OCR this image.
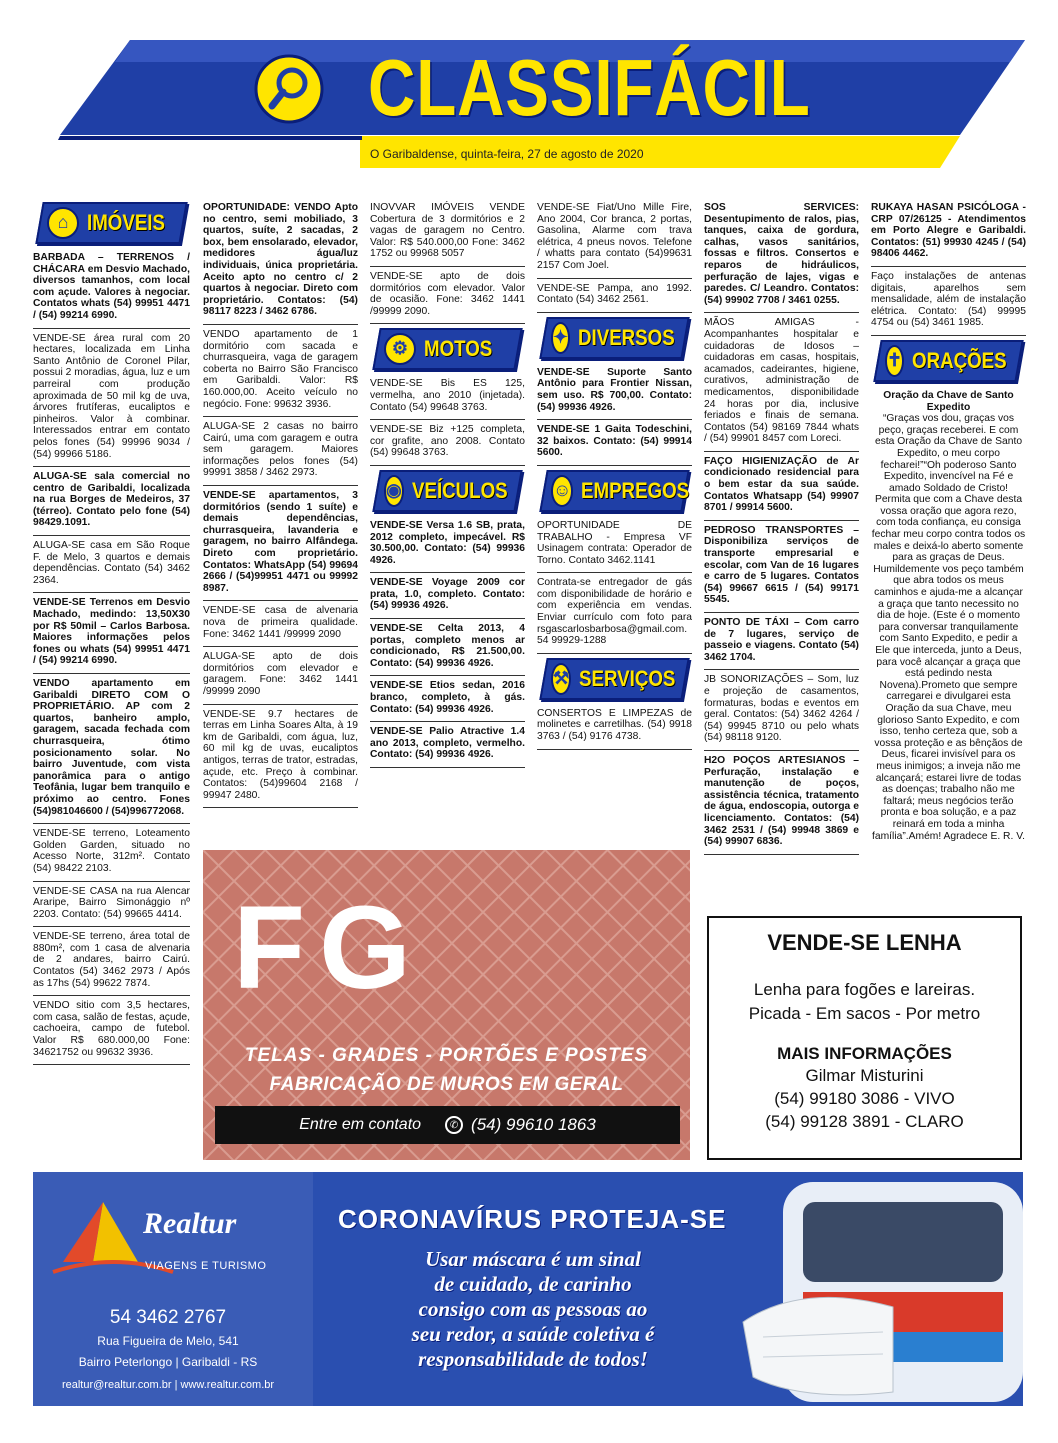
CLASSIFÁCIL
O Garibaldense, quinta-feira, 27 de agosto de 2020
⌂ IMÓVEIS
BARBADA – TERRENOS / CHÁCARA em Desvio Machado, diversos tamanhos, com local com açude. Valores à negociar. Contatos whats (54) 99951 4471 / (54) 99214 6990.
VENDE-SE área rural com 20 hectares, localizada em Linha Santo Antônio de Coronel Pilar, possui 2 moradias, água, luz e um parreiral com produção aproximada de 50 mil kg de uva, árvores frutíferas, eucaliptos e pinheiros. Valor à combinar. Interessados entrar em contato pelos fones (54) 99996 9034 / (54) 99966 5186.
ALUGA-SE sala comercial no centro de Garibaldi, localizada na rua Borges de Medeiros, 37 (térreo). Contato pelo fone (54) 98429.1091.
ALUGA-SE casa em São Roque F. de Melo, 3 quartos e demais dependências. Contato (54) 3462 2364.
VENDE-SE Terrenos em Desvio Machado, medindo: 13,50X30 por R$ 50mil – Carlos Barbosa. Maiores informações pelos fones ou whats (54) 99951 4471 / (54) 99214 6990.
VENDO apartamento em Garibaldi DIRETO COM O PROPRIETÁRIO. AP com 2 quartos, banheiro amplo, garagem, sacada fechada com churrasqueira, ótimo posicionamento solar. No bairro Juventude, com vista panorâmica para o antigo Teofânia, lugar bem tranquilo e próximo ao centro. Fones (54)981046600 / (54)996772068.
VENDE-SE terreno, Loteamento Golden Garden, situado no Acesso Norte, 312m². Contato (54) 98422 2103.
VENDE-SE CASA na rua Alencar Araripe, Bairro Simonággio nº 2203. Contato: (54) 99665 4414.
VENDE-SE terreno, área total de 880m², com 1 casa de alvenaria de 2 andares, bairro Cairú. Contatos (54) 3462 2973 / Após as 17hs (54) 99622 7874.
VENDO sitio com 3,5 hectares, com casa, salão de festas, açude, cachoeira, campo de futebol. Valor R$ 680.000,00 Fone: 34621752 ou 99632 3936.
OPORTUNIDADE: VENDO Apto no centro, semi mobiliado, 3 quartos, suíte, 2 sacadas, 2 box, bem ensolarado, elevador, medidores água/luz individuais, única proprietária. Aceito apto no centro c/ 2 quartos à negociar. Direto com proprietário. Contatos: (54) 98117 8223 / 3462 6786.
VENDO apartamento de 1 dormitório com sacada e churrasqueira, vaga de garagem coberta no Bairro São Francisco em Garibaldi. Valor: R$ 160.000,00. Aceito veículo no negócio. Fone: 99632 3936.
ALUGA-SE 2 casas no bairro Cairú, uma com garagem e outra sem garagem. Maiores informações pelos fones (54) 99991 3858 / 3462 2973.
VENDE-SE apartamentos, 3 dormitórios (sendo 1 suíte) e demais dependências, churrasqueira, lavanderia e garagem, no bairro Alfândega. Direto com proprietário. Contatos: WhatsApp (54) 99694 2666 / (54)99951 4471 ou 99992 8987.
VENDE-SE casa de alvenaria nova de primeira qualidade. Fone: 3462 1441 /99999 2090
ALUGA-SE apto de dois dormitórios com elevador e garagem. Fone: 3462 1441 /99999 2090
VENDE-SE 9.7 hectares de terras em Linha Soares Alta, à 19 km de Garibaldi, com água, luz, 60 mil kg de uvas, eucaliptos antigos, terras de trator, estradas, açude, etc. Preço à combinar. Contatos: (54)99604 2168 / 99947 2480.
INOVVAR IMÓVEIS VENDE Cobertura de 3 dormitórios e 2 vagas de garagem no Centro. Valor: R$ 540.000,00 Fone: 3462 1752 ou 99968 5057
VENDE-SE apto de dois dormitórios com elevador. Valor de ocasião. Fone: 3462 1441 /99999 2090.
⚙ MOTOS
VENDE-SE Bis ES 125, vermelha, ano 2010 (injetada). Contato (54) 99648 3763.
VENDE-SE Biz +125 completa, cor grafite, ano 2008. Contato (54) 99648 3763.
◉ VEÍCULOS
VENDE-SE Versa 1.6 SB, prata, 2012 completo, impecável. R$ 30.500,00. Contato: (54) 99936 4926.
VENDE-SE Voyage 2009 cor prata, 1.0, completo. Contato: (54) 99936 4926.
VENDE-SE Celta 2013, 4 portas, completo menos ar condicionado, R$ 21.500,00. Contato: (54) 99936 4926.
VENDE-SE Etios sedan, 2016 branco, completo, à gás. Contato: (54) 99936 4926.
VENDE-SE Palio Atractive 1.4 ano 2013, completo, vermelho. Contato: (54) 99936 4926.
VENDE-SE Fiat/Uno Mille Fire, Ano 2004, Cor branca, 2 portas, Gasolina, Alarme com trava elétrica, 4 pneus novos. Telefone / whatts para contato (54)99631 2157 Com Joel.
VENDE-SE Pampa, ano 1992. Contato (54) 3462 2561.
✦ DIVERSOS
VENDE-SE Suporte Santo Antônio para Frontier Nissan, sem uso. R$ 700,00. Contato: (54) 99936 4926.
VENDE-SE 1 Gaita Todeschini, 32 baixos. Contato: (54) 99914 5600.
☺ EMPREGOS
OPORTUNIDADE DE TRABALHO - Empresa VF Usinagem contrata: Operador de Torno. Contato 3462.1141
Contrata-se entregador de gás com disponibilidade de horário e com experiência em vendas. Enviar currículo com foto para rsgascarlosbarbosa@gmail.com. 54 99929-1288
⚒ SERVIÇOS
CONSERTOS E LIMPEZAS de molinetes e carretilhas. (54) 9918 3763 / (54) 9176 4738.
SOS SERVICES: Desentupimento de ralos, pias, tanques, caixa de gordura, calhas, vasos sanitários, fossas e filtros. Consertos e reparos de hidráulicos, perfuração de lajes, vigas e paredes. C/ Leandro. Contatos: (54) 99902 7708 / 3461 0255.
MÃOS AMIGAS - Acompanhantes hospitalar e cuidadoras de Idosos – cuidadoras em casas, hospitais, acamados, cadeirantes, higiene, curativos, administração de medicamentos, disponibilidade 24 horas por dia, inclusive feriados e finais de semana. Contatos (54) 98169 7844 whats / (54) 99901 8457 com Loreci.
FAÇO HIGIENIZAÇÃO de Ar condicionado residencial para o bem estar da sua saúde. Contatos Whatsapp (54) 99907 8701 / 99914 5600.
PEDROSO TRANSPORTES – Disponibiliza serviços de transporte empresarial e escolar, com Van de 16 lugares e carro de 5 lugares. Contatos (54) 99667 6615 / (54) 99171 5545.
PONTO DE TÁXI – Com carro de 7 lugares, serviço de passeio e viagens. Contato (54) 3462 1704.
JB SONORIZAÇÕES – Som, luz e projeção de casamentos, formaturas, bodas e eventos em geral. Contatos: (54) 3462 4264 / (54) 99945 8710 ou pelo whats (54) 98118 9120.
H2O POÇOS ARTESIANOS – Perfuração, instalação e manutenção de poços, assistência técnica, tratamento de água, endoscopia, outorga e licenciamento. Contatos: (54) 3462 2531 / (54) 99948 3869 e (54) 99907 6836.
RUKAYA HASAN PSICÓLOGA - CRP 07/26125 - Atendimentos em Porto Alegre e Garibaldi. Contatos: (51) 99930 4245 / (54) 98406 4462.
Faço instalações de antenas digitais, aparelhos sem mensalidade, além de instalação elétrica. Contato: (54) 99995 4754 ou (54) 3461 1985.
✝ ORAÇÕES
Oração da Chave de Santo Expedito
“Graças vos dou, graças vos peço, graças receberei. E com esta Oração da Chave de Santo Expedito, o meu corpo fecharei!”“Oh poderoso Santo Expedito, invencível na Fé e amado Soldado de Cristo! Permita que com a Chave desta vossa oração que agora rezo, com toda confiança, eu consiga fechar meu corpo contra todos os males e deixá-lo aberto somente para as graças de Deus. Humildemente vos peço também que abra todos os meus caminhos e ajuda-me a alcançar a graça que tanto necessito no dia de hoje. (Este é o momento para conversar tranquilamente com Santo Expedito, e pedir a Ele que interceda, junto a Deus, para você alcançar a graça que está pedindo nesta Novena).Prometo que sempre carregarei e divulgarei esta Oração da sua Chave, meu glorioso Santo Expedito, e com isso, tenho certeza que, sob a vossa proteção e as bênçãos de Deus, ficarei invisível para os meus inimigos; a inveja não me alcançará; estarei livre de todas as doenças; trabalho não me faltará; meus negócios terão pronta e boa solução, e a paz reinará em toda a minha família”.Amém! Agradece E. R. V.
FG
TELAS - GRADES - PORTÕES E POSTES
FABRICAÇÃO DE MUROS EM GERAL
Entre em contato	✆ (54) 99610 1863
VENDE-SE LENHA
Lenha para fogões e lareiras.
Picada - Em sacos - Por metro
MAIS INFORMAÇÕES
Gilmar Misturini
(54) 99180 3086 - VIVO
(54) 99128 3891 - CLARO
Realtur
VIAGENS E TURISMO
54 3462 2767
Rua Figueira de Melo, 541
Bairro Peterlongo | Garibaldi - RS
realtur@realtur.com.br | www.realtur.com.br
CORONAVÍRUS PROTEJA-SE
Usar máscara é um sinal
de cuidado, de carinho
consigo com as pessoas ao
seu redor, a saúde coletiva é
responsabilidade de todos!
